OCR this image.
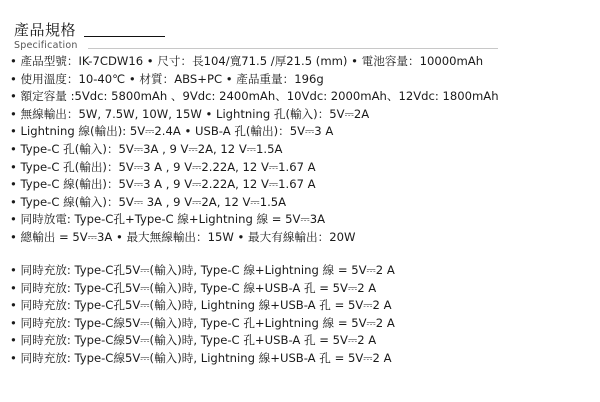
產品規格
Specification
• 產品型號：IK-7CDW16 • 尺寸：長104/寬71.5 /厚21.5 (mm) • 電池容量：10000mAh
• 使用溫度：10-40℃ • 材質：ABS+PC • 產品重量：196g
• 額定容量 :5Vdc: 5800mAh 、9Vdc: 2400mAh、10Vdc: 2000mAh、12Vdc: 1800mAh
• 無線輸出：5W, 7.5W, 10W, 15W • Lightning 孔(輸入)：5V⎓2A
• Lightning 線(輸出): 5V⎓2.4A • USB-A 孔(輸出)：5V⎓3 A
• Type-C 孔(輸入)：5V⎓3A , 9 V⎓2A, 12 V⎓1.5A
• Type-C 孔(輸出)：5V⎓3 A , 9 V⎓2.22A, 12 V⎓1.67 A
• Type-C 線(輸出)：5V⎓3 A , 9 V⎓2.22A, 12 V⎓1.67 A
• Type-C 線(輸入)：5V⎓ 3A , 9 V⎓2A, 12 V⎓1.5A
• 同時放電: Type-C孔+Type-C 線+Lightning 線 = 5V⎓3A
• 總輸出 = 5V⎓3A • 最大無線輸出：15W • 最大有線輸出：20W
• 同時充放: Type-C孔5V⎓(輸入)時, Type-C 線+Lightning 線 = 5V⎓2 A
• 同時充放: Type-C孔5V⎓(輸入)時, Type-C 線+USB-A 孔 = 5V⎓2 A
• 同時充放: Type-C孔5V⎓(輸入)時, Lightning 線+USB-A 孔 = 5V⎓2 A
• 同時充放: Type-C線5V⎓(輸入)時, Type-C 孔+Lightning 線 = 5V⎓2 A
• 同時充放: Type-C線5V⎓(輸入)時, Type-C 孔+USB-A 孔 = 5V⎓2 A
• 同時充放: Type-C線5V⎓(輸入)時, Lightning 線+USB-A 孔 = 5V⎓2 A
